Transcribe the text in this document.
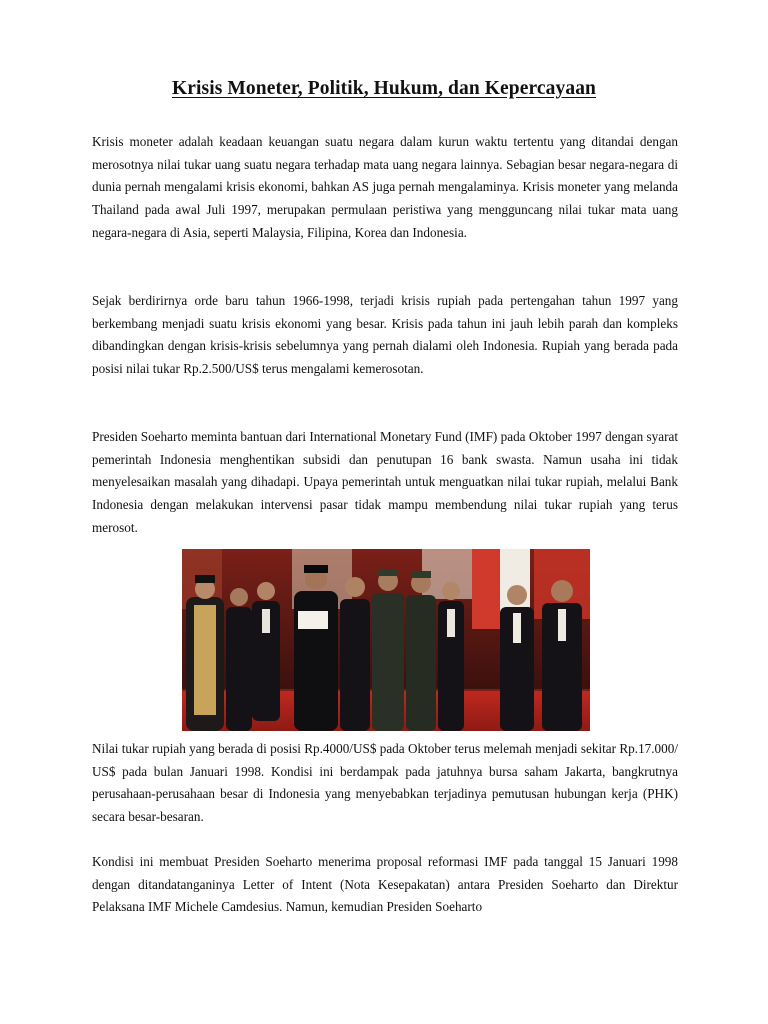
Krisis Moneter, Politik, Hukum, dan Kepercayaan

Krisis moneter adalah keadaan keuangan suatu negara dalam kurun waktu tertentu yang ditandai dengan merosotnya nilai tukar uang suatu negara terhadap mata uang negara lainnya. Sebagian besar negara-negara di dunia pernah mengalami krisis ekonomi, bahkan AS juga pernah mengalaminya. Krisis moneter yang melanda Thailand pada awal Juli 1997, merupakan permulaan peristiwa yang mengguncang nilai tukar mata uang negara-negara di Asia, seperti Malaysia, Filipina, Korea dan Indonesia.

Sejak berdirirnya orde baru tahun 1966-1998, terjadi krisis rupiah pada pertengahan tahun 1997 yang berkembang menjadi suatu krisis ekonomi yang besar. Krisis pada tahun ini jauh lebih parah dan kompleks dibandingkan dengan krisis-krisis sebelumnya yang pernah dialami oleh Indonesia. Rupiah yang berada pada posisi nilai tukar Rp.2.500/US$ terus mengalami kemerosotan.

Presiden Soeharto meminta bantuan dari International Monetary Fund (IMF) pada Oktober 1997 dengan syarat pemerintah Indonesia menghentikan subsidi dan penutupan 16 bank swasta. Namun usaha ini tidak menyelesaikan masalah yang dihadapi. Upaya pemerintah untuk menguatkan nilai tukar rupiah, melalui Bank Indonesia dengan melakukan intervensi pasar tidak mampu membendung nilai tukar rupiah yang terus merosot.

Nilai tukar rupiah yang berada di posisi Rp.4000/US$ pada Oktober terus melemah menjadi sekitar Rp.17.000/ US$ pada bulan Januari 1998. Kondisi ini berdampak pada jatuhnya bursa saham Jakarta, bangkrutnya perusahaan-perusahaan besar di Indonesia yang menyebabkan terjadinya pemutusan hubungan kerja (PHK) secara besar-besaran.

Kondisi ini membuat Presiden Soeharto menerima proposal reformasi IMF pada tanggal 15 Januari 1998 dengan ditandatanganinya Letter of Intent (Nota Kesepakatan) antara Presiden Soeharto dan Direktur Pelaksana IMF Michele Camdesius. Namun, kemudian Presiden Soeharto
